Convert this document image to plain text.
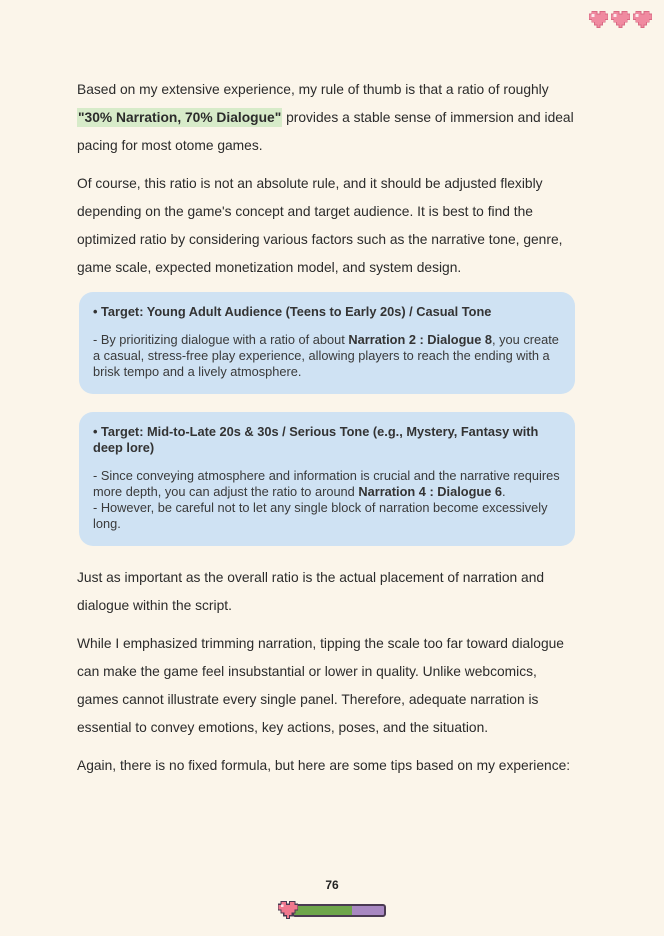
Based on my extensive experience, my rule of thumb is that a ratio of roughly "30% Narration, 70% Dialogue" provides a stable sense of immersion and ideal pacing for most otome games.

Of course, this ratio is not an absolute rule, and it should be adjusted flexibly depending on the game's concept and target audience. It is best to find the optimized ratio by considering various factors such as the narrative tone, genre, game scale, expected monetization model, and system design.

• Target: Young Adult Audience (Teens to Early 20s) / Casual Tone

- By prioritizing dialogue with a ratio of about Narration 2 : Dialogue 8, you create a casual, stress-free play experience, allowing players to reach the ending with a brisk tempo and a lively atmosphere.

• Target: Mid-to-Late 20s & 30s / Serious Tone (e.g., Mystery, Fantasy with deep lore)

- Since conveying atmosphere and information is crucial and the narrative requires more depth, you can adjust the ratio to around Narration 4 : Dialogue 6.

- However, be careful not to let any single block of narration become excessively long.

Just as important as the overall ratio is the actual placement of narration and dialogue within the script.

While I emphasized trimming narration, tipping the scale too far toward dialogue can make the game feel insubstantial or lower in quality. Unlike webcomics, games cannot illustrate every single panel. Therefore, adequate narration is essential to convey emotions, key actions, poses, and the situation.

Again, there is no fixed formula, but here are some tips based on my experience:

76
